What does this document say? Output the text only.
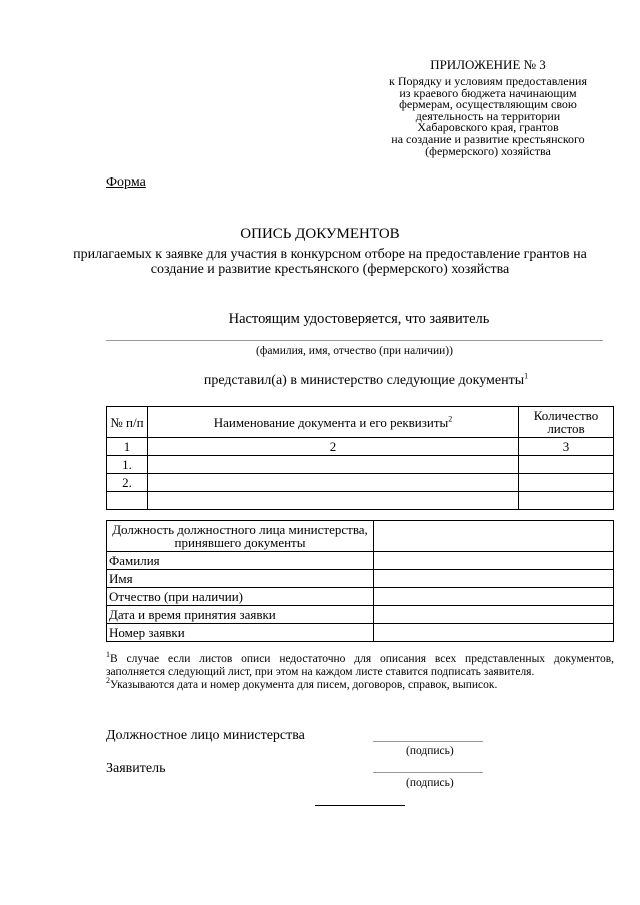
ПРИЛОЖЕНИЕ № 3
к Порядку и условиям предоставления
из краевого бюджета начинающим
фермерам, осуществляющим свою
деятельность на территории
Хабаровского края, грантов
на создание и развитие крестьянского
(фермерского) хозяйства
Форма
ОПИСЬ ДОКУМЕНТОВ
прилагаемых к заявке для участия в конкурсном отборе на предоставление грантов на создание и развитие крестьянского (фермерского) хозяйства
Настоящим удостоверяется, что заявитель
(фамилия, имя, отчество (при наличии))
представил(а) в министерство следующие документы$^1$
№ п/п	Наименование документа и его реквизиты$^2$	Количество листов
1	2	3
1.		
2.		

Должность должностного лица министерства, принявшего документы	
Фамилия	
Имя	
Отчество (при наличии)	
Дата и время принятия заявки	
Номер заявки	

$^1$В случае если листов описи недостаточно для описания всех представленных документов, заполняется следующий лист, при этом на каждом листе ставится подписать заявителя.

$^2$Указываются дата и номер документа для писем, договоров, справок, выписок.

Должностное лицо министерства
(подпись)
Заявитель
(подпись)
